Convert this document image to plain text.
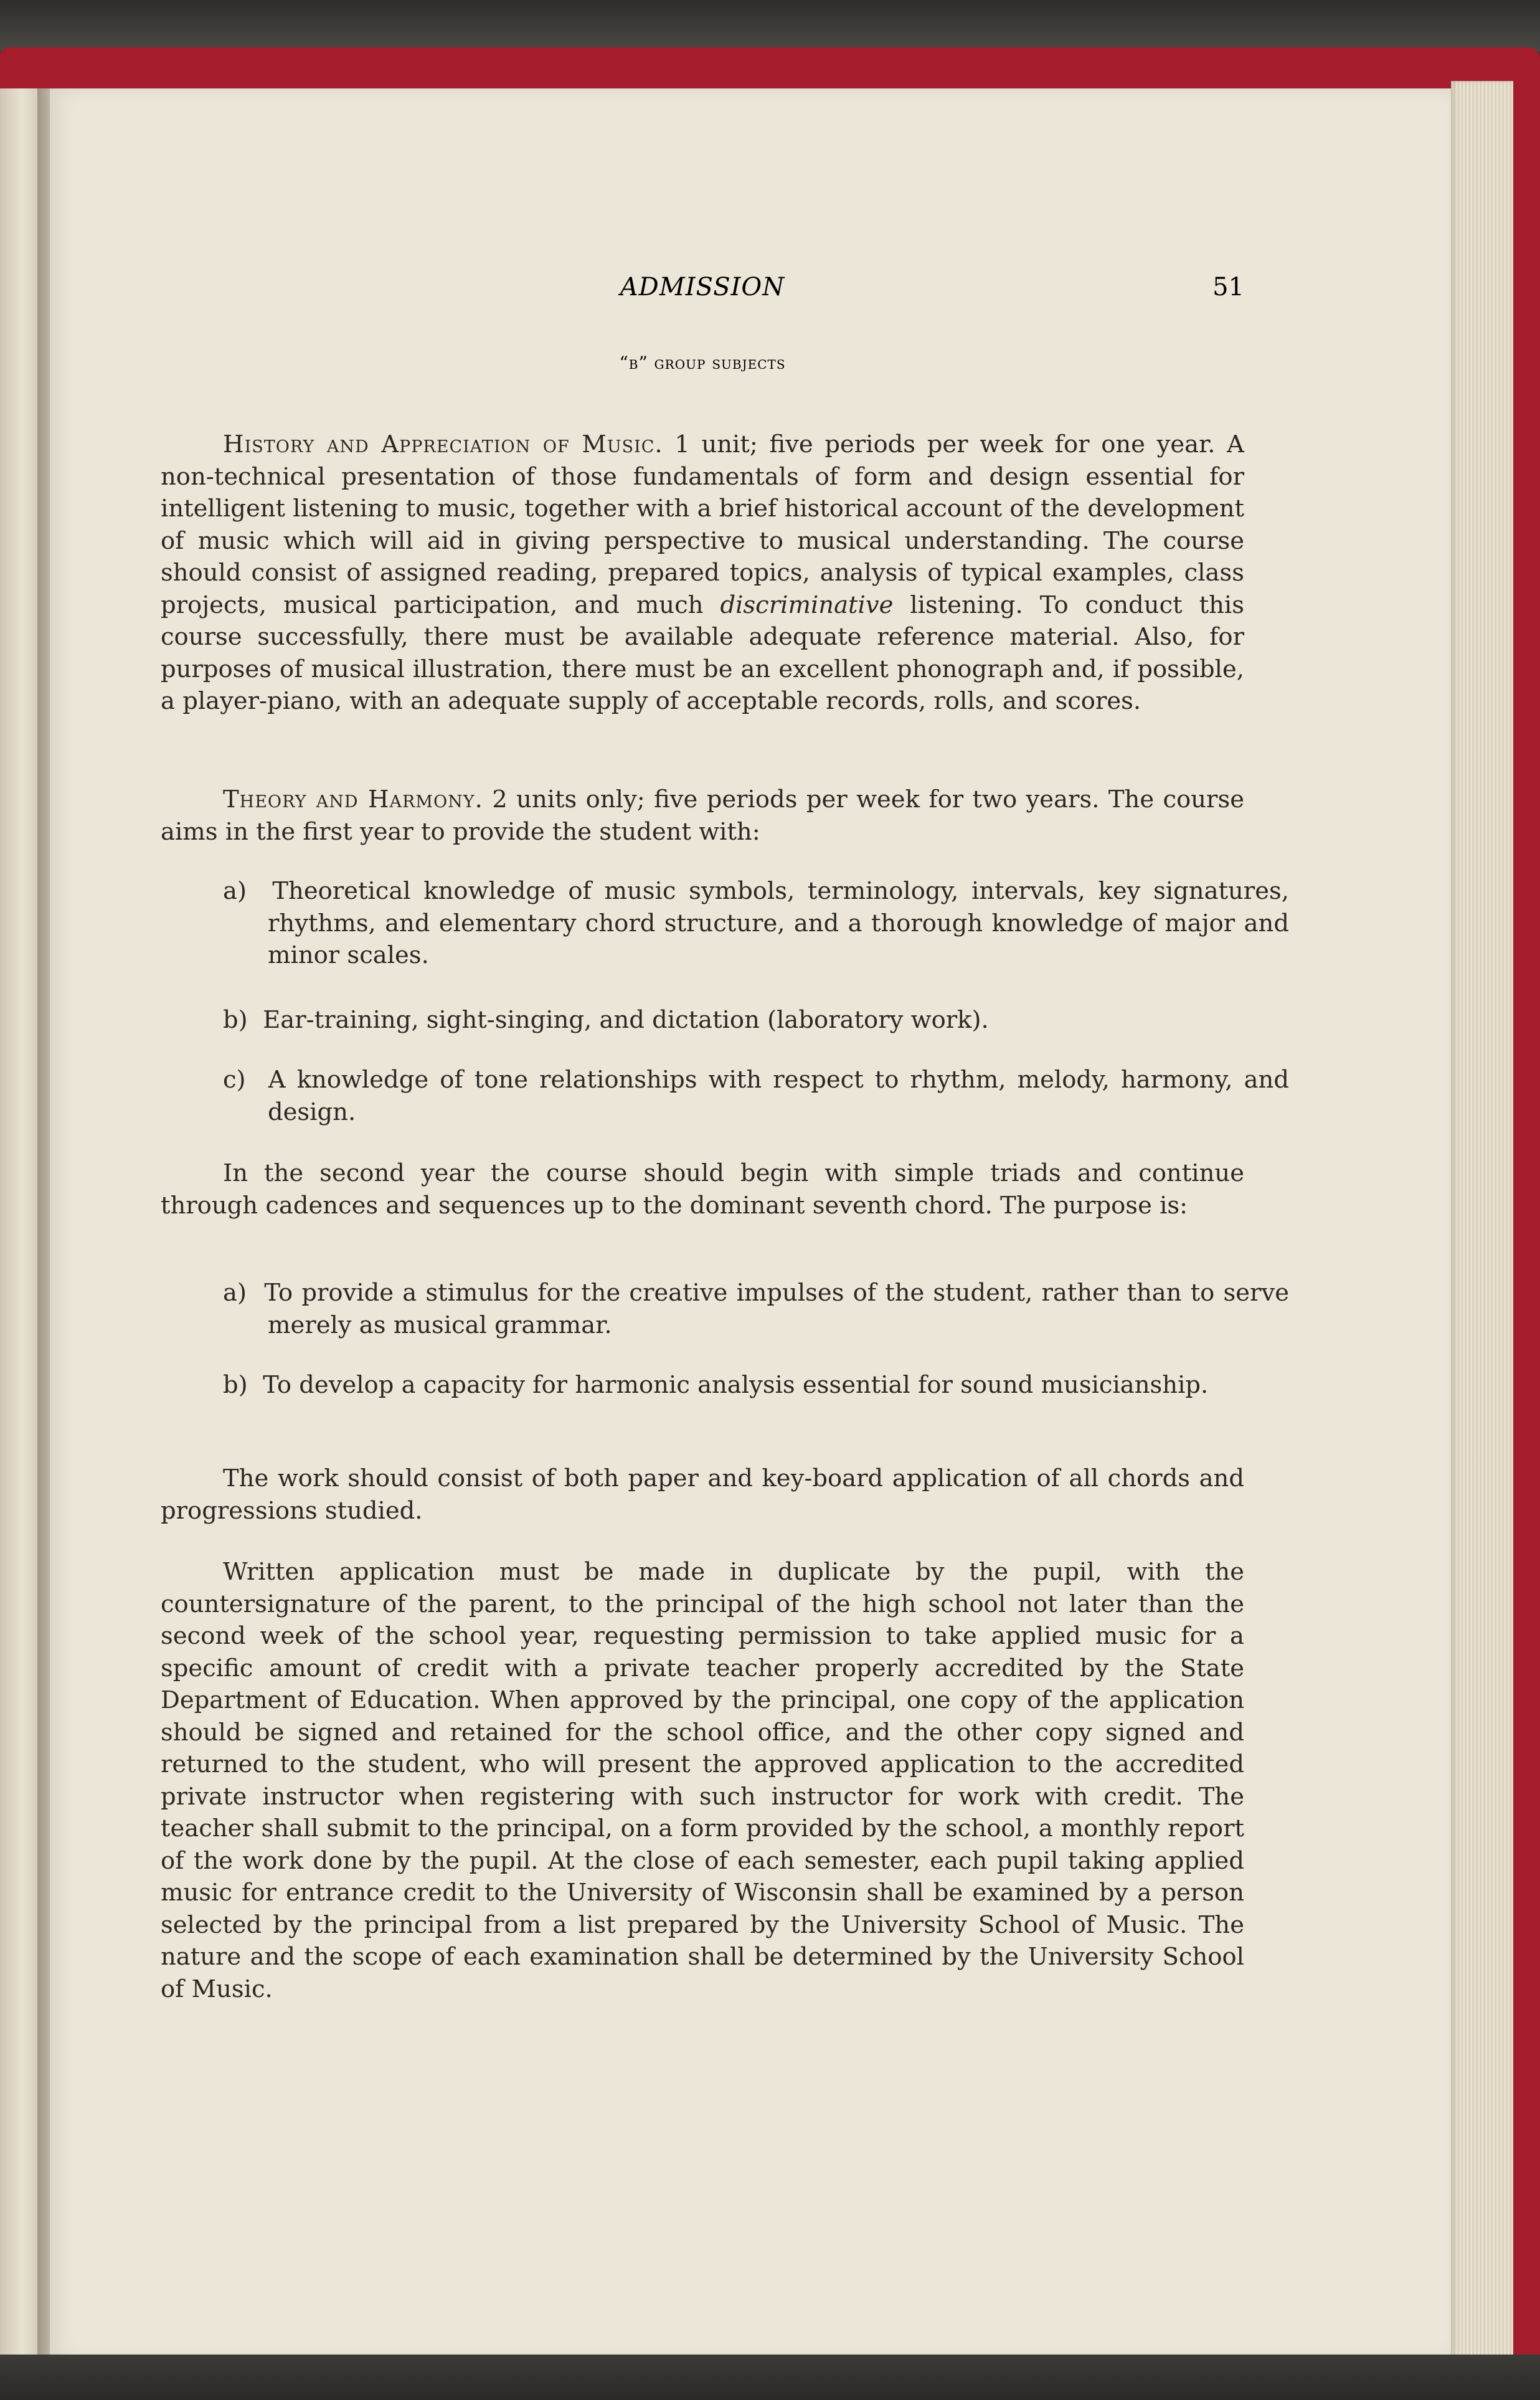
ADMISSION	51
“b” group subjects

History and Appreciation of Music. 1 unit; five periods per week for one year. A non-technical presentation of those fundamentals of form and design essential for intelligent listening to music, together with a brief historical account of the development of music which will aid in giving perspective to musical understanding. The course should consist of assigned reading, prepared topics, analysis of typical examples, class projects, musical participation, and much discriminative listening. To conduct this course successfully, there must be available adequate reference material. Also, for purposes of musical illustration, there must be an excellent phonograph and, if possible, a player-piano, with an adequate supply of acceptable records, rolls, and scores.

Theory and Harmony. 2 units only; five periods per week for two years. The course aims in the first year to provide the student with:

a) Theoretical knowledge of music symbols, terminology, intervals, key signatures, rhythms, and elementary chord structure, and a thorough knowledge of major and minor scales.
b) Ear-training, sight-singing, and dictation (laboratory work).
c) A knowledge of tone relationships with respect to rhythm, melody, harmony, and design.

In the second year the course should begin with simple triads and continue through cadences and sequences up to the dominant seventh chord. The purpose is:

a) To provide a stimulus for the creative impulses of the student, rather than to serve merely as musical grammar.
b) To develop a capacity for harmonic analysis essential for sound musicianship.

The work should consist of both paper and key-board application of all chords and progressions studied.

Written application must be made in duplicate by the pupil, with the countersignature of the parent, to the principal of the high school not later than the second week of the school year, requesting permission to take applied music for a specific amount of credit with a private teacher properly accredited by the State Department of Education. When approved by the principal, one copy of the application should be signed and retained for the school office, and the other copy signed and returned to the student, who will present the approved application to the accredited private instructor when registering with such instructor for work with credit. The teacher shall submit to the principal, on a form provided by the school, a monthly report of the work done by the pupil. At the close of each semester, each pupil taking applied music for entrance credit to the University of Wisconsin shall be examined by a person selected by the principal from a list prepared by the University School of Music. The nature and the scope of each examination shall be determined by the University School of Music.
